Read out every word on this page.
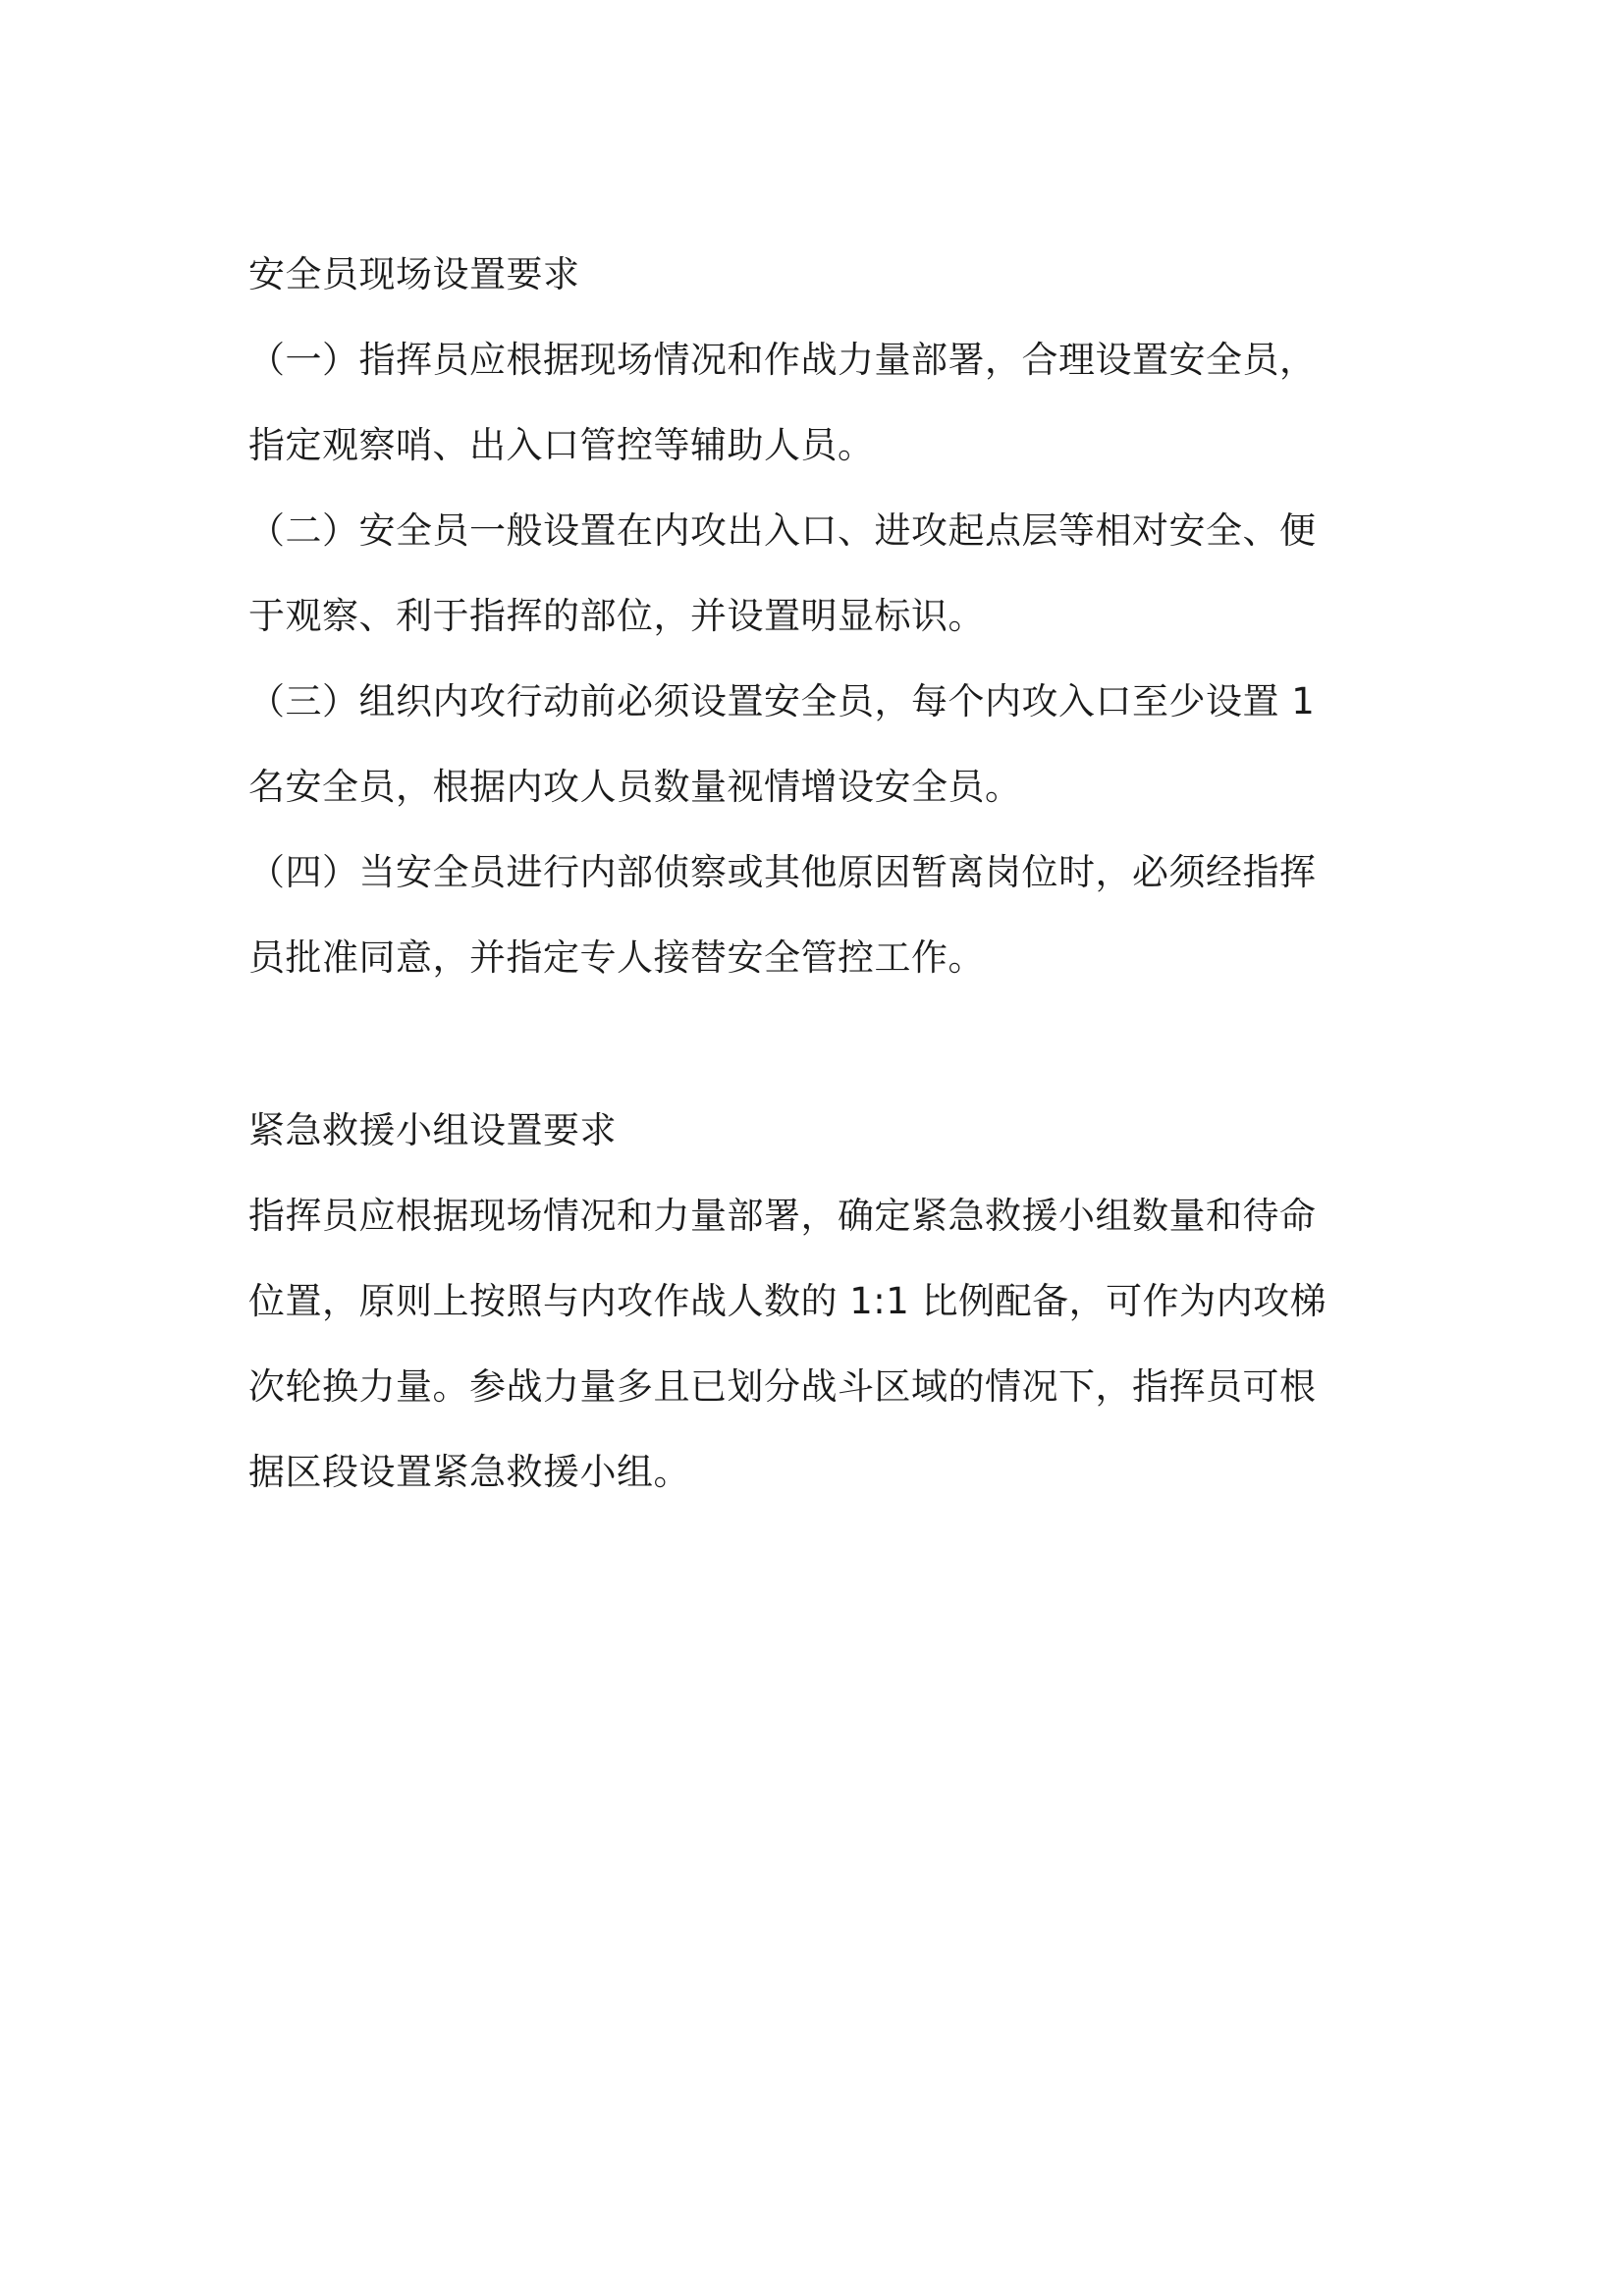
安全员现场设置要求
（一）指挥员应根据现场情况和作战力量部署，合理设置安全员，
指定观察哨、出入口管控等辅助人员。
（二）安全员一般设置在内攻出入口、进攻起点层等相对安全、便
于观察、利于指挥的部位，并设置明显标识。
（三）组织内攻行动前必须设置安全员，每个内攻入口至少设置 1
名安全员，根据内攻人员数量视情增设安全员。
（四）当安全员进行内部侦察或其他原因暂离岗位时，必须经指挥
员批准同意，并指定专人接替安全管控工作。
紧急救援小组设置要求
指挥员应根据现场情况和力量部署，确定紧急救援小组数量和待命
位置，原则上按照与内攻作战人数的 1:1 比例配备，可作为内攻梯
次轮换力量。参战力量多且已划分战斗区域的情况下，指挥员可根
据区段设置紧急救援小组。
